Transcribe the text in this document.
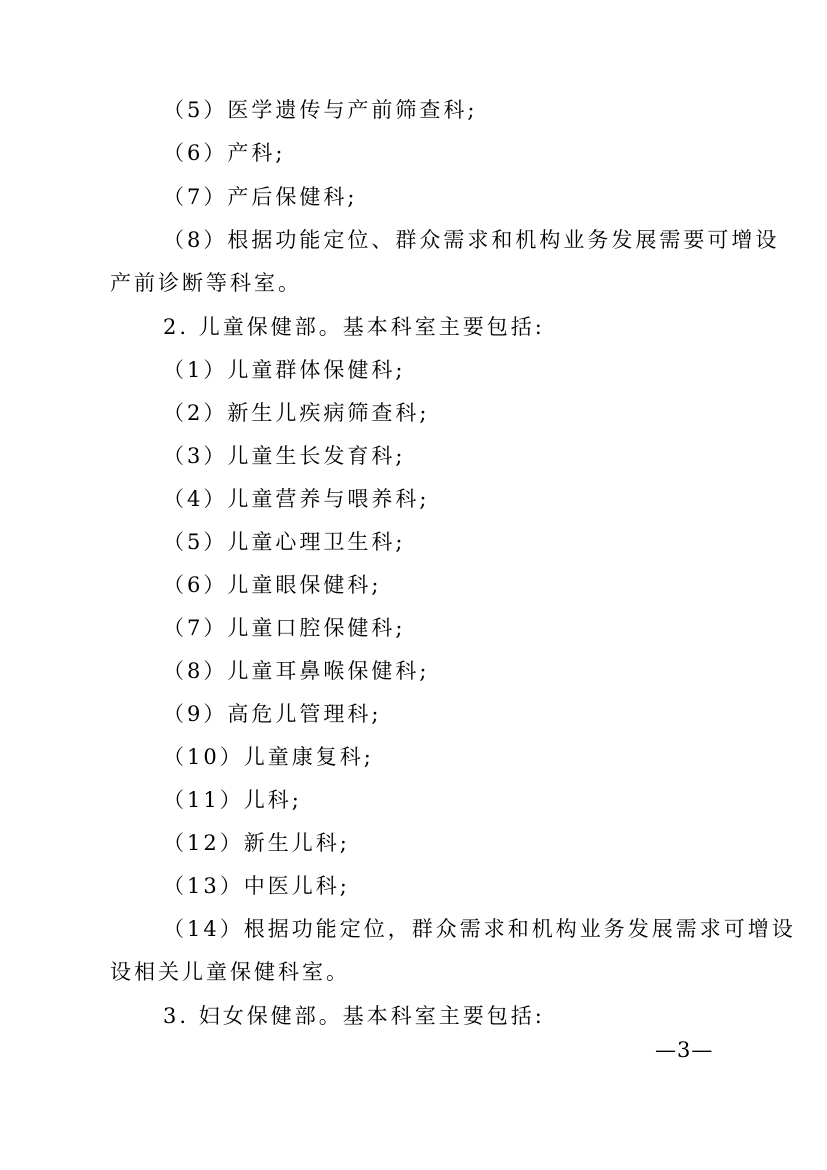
（5）医学遗传与产前筛查科;
（6）产科;
（7）产后保健科;
（8）根据功能定位、群众需求和机构业务发展需要可增设
产前诊断等科室。
2. 儿童保健部。基本科室主要包括:
（1）儿童群体保健科;
（2）新生儿疾病筛查科;
（3）儿童生长发育科;
（4）儿童营养与喂养科;
（5）儿童心理卫生科;
（6）儿童眼保健科;
（7）儿童口腔保健科;
（8）儿童耳鼻喉保健科;
（9）高危儿管理科;
（10）儿童康复科;
（11）儿科;
（12）新生儿科;
（13）中医儿科;
（14）根据功能定位，群众需求和机构业务发展需求可增设
设相关儿童保健科室。
3. 妇女保健部。基本科室主要包括:
—3—
